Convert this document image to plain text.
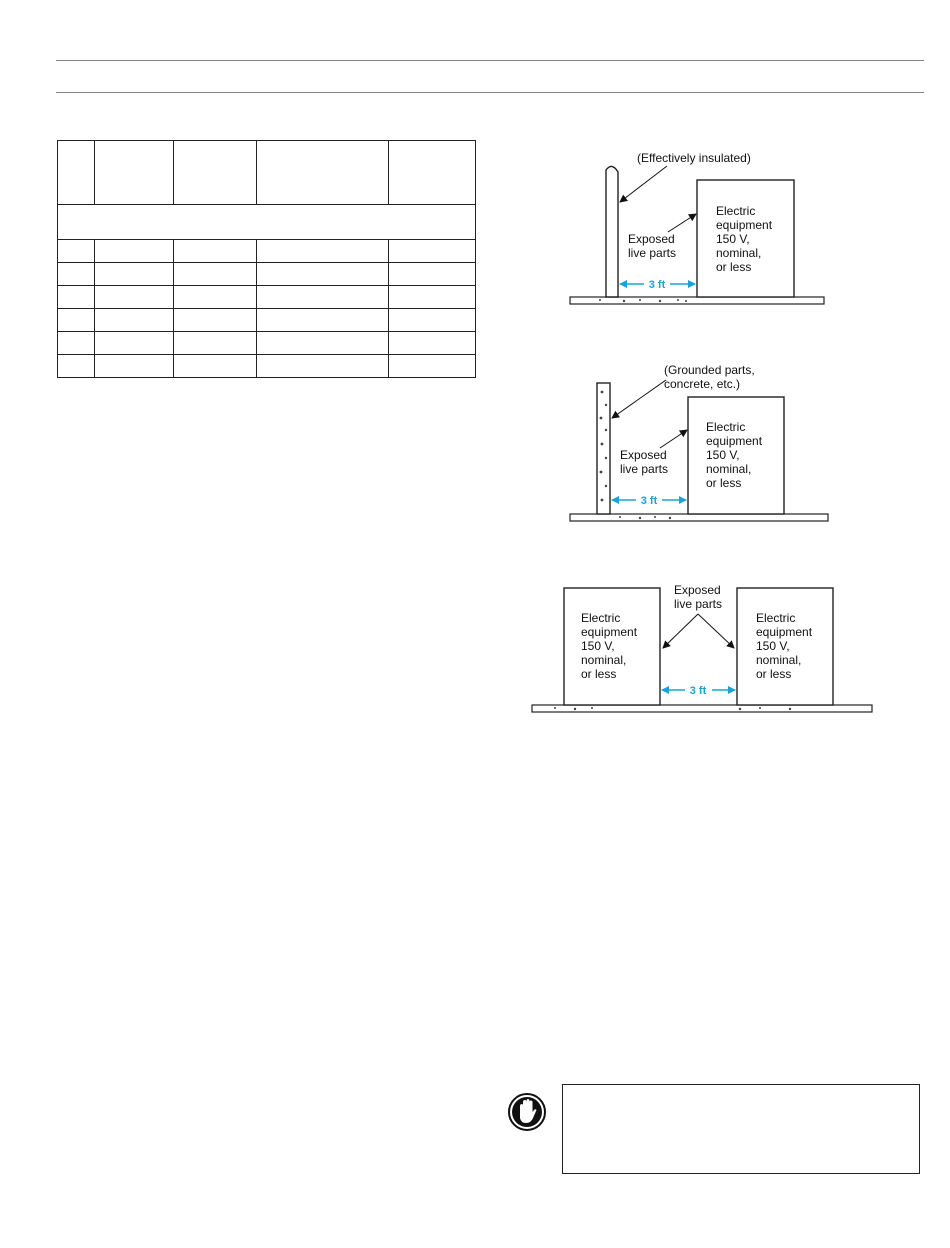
(Effectively insulated)
Exposed
live parts
Electric
equipment
150 V,
nominal,
or less
3 ft
(Grounded parts,
concrete, etc.)
Exposed
live parts
Electric
equipment
150 V,
nominal,
or less
3 ft
Exposed
live parts
Electric
equipment
150 V,
nominal,
or less
Electric
equipment
150 V,
nominal,
or less
3 ft
